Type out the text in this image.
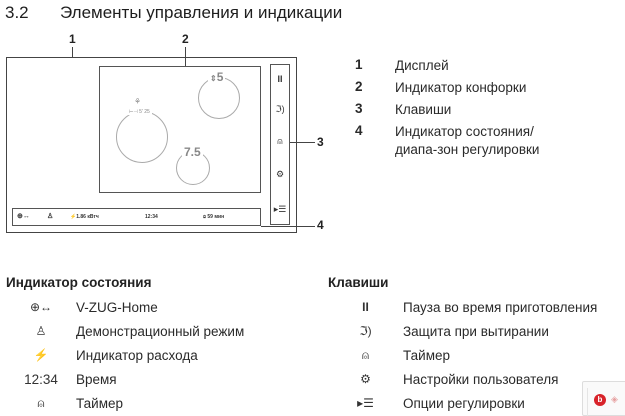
3.2 Элементы управления и индикации
1	2
3
4
⇕5
⚘
⊢⊣ 5' 25
7.5
II
ℑ)
⍝
⚙
▸☰
⊕↔ ♙	⚡1.86 кВтч	12:34	⍝ 59 мин
1	Дисплей
2	Индикатор конфорки
3	Клавиши
4	Индикатор состояния/диапа-зон регулировки
Индикатор состояния
⊕↔	V-ZUG-Home
♙	Демонстрационный режим
⚡	Индикатор расхода
12:34	Время
⍝	Таймер
Клавиши
II	Пауза во время приготовления
ℑ)	Защита при вытирании
⍝	Таймер
⚙	Настройки пользователя
▸☰	Опции регулировки	b ◈
